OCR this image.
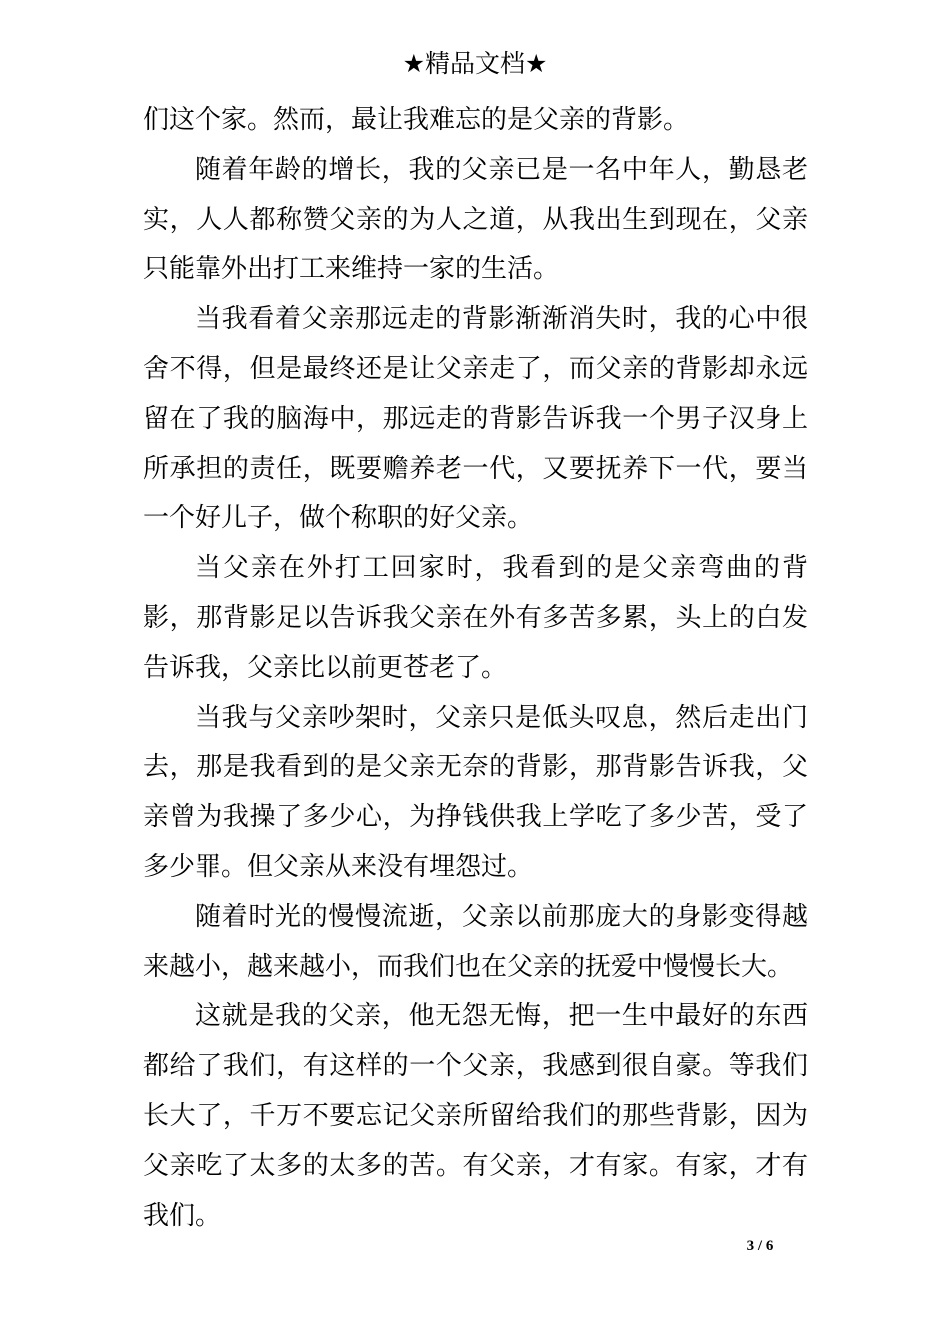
★精品文档★

们这个家。然而，最让我难忘的是父亲的背影。

随着年龄的增长，我的父亲已是一名中年人，勤恳老实，人人都称赞父亲的为人之道，从我出生到现在，父亲只能靠外出打工来维持一家的生活。

当我看着父亲那远走的背影渐渐消失时，我的心中很舍不得，但是最终还是让父亲走了，而父亲的背影却永远留在了我的脑海中，那远走的背影告诉我一个男子汉身上所承担的责任，既要赡养老一代，又要抚养下一代，要当一个好儿子，做个称职的好父亲。

当父亲在外打工回家时，我看到的是父亲弯曲的背影，那背影足以告诉我父亲在外有多苦多累，头上的白发告诉我，父亲比以前更苍老了。

当我与父亲吵架时，父亲只是低头叹息，然后走出门去，那是我看到的是父亲无奈的背影，那背影告诉我，父亲曾为我操了多少心，为挣钱供我上学吃了多少苦，受了多少罪。但父亲从来没有埋怨过。

随着时光的慢慢流逝，父亲以前那庞大的身影变得越来越小，越来越小，而我们也在父亲的抚爱中慢慢长大。

这就是我的父亲，他无怨无悔，把一生中最好的东西都给了我们，有这样的一个父亲，我感到很自豪。等我们长大了，千万不要忘记父亲所留给我们的那些背影，因为父亲吃了太多的太多的苦。有父亲，才有家。有家，才有我们。

3 / 6
